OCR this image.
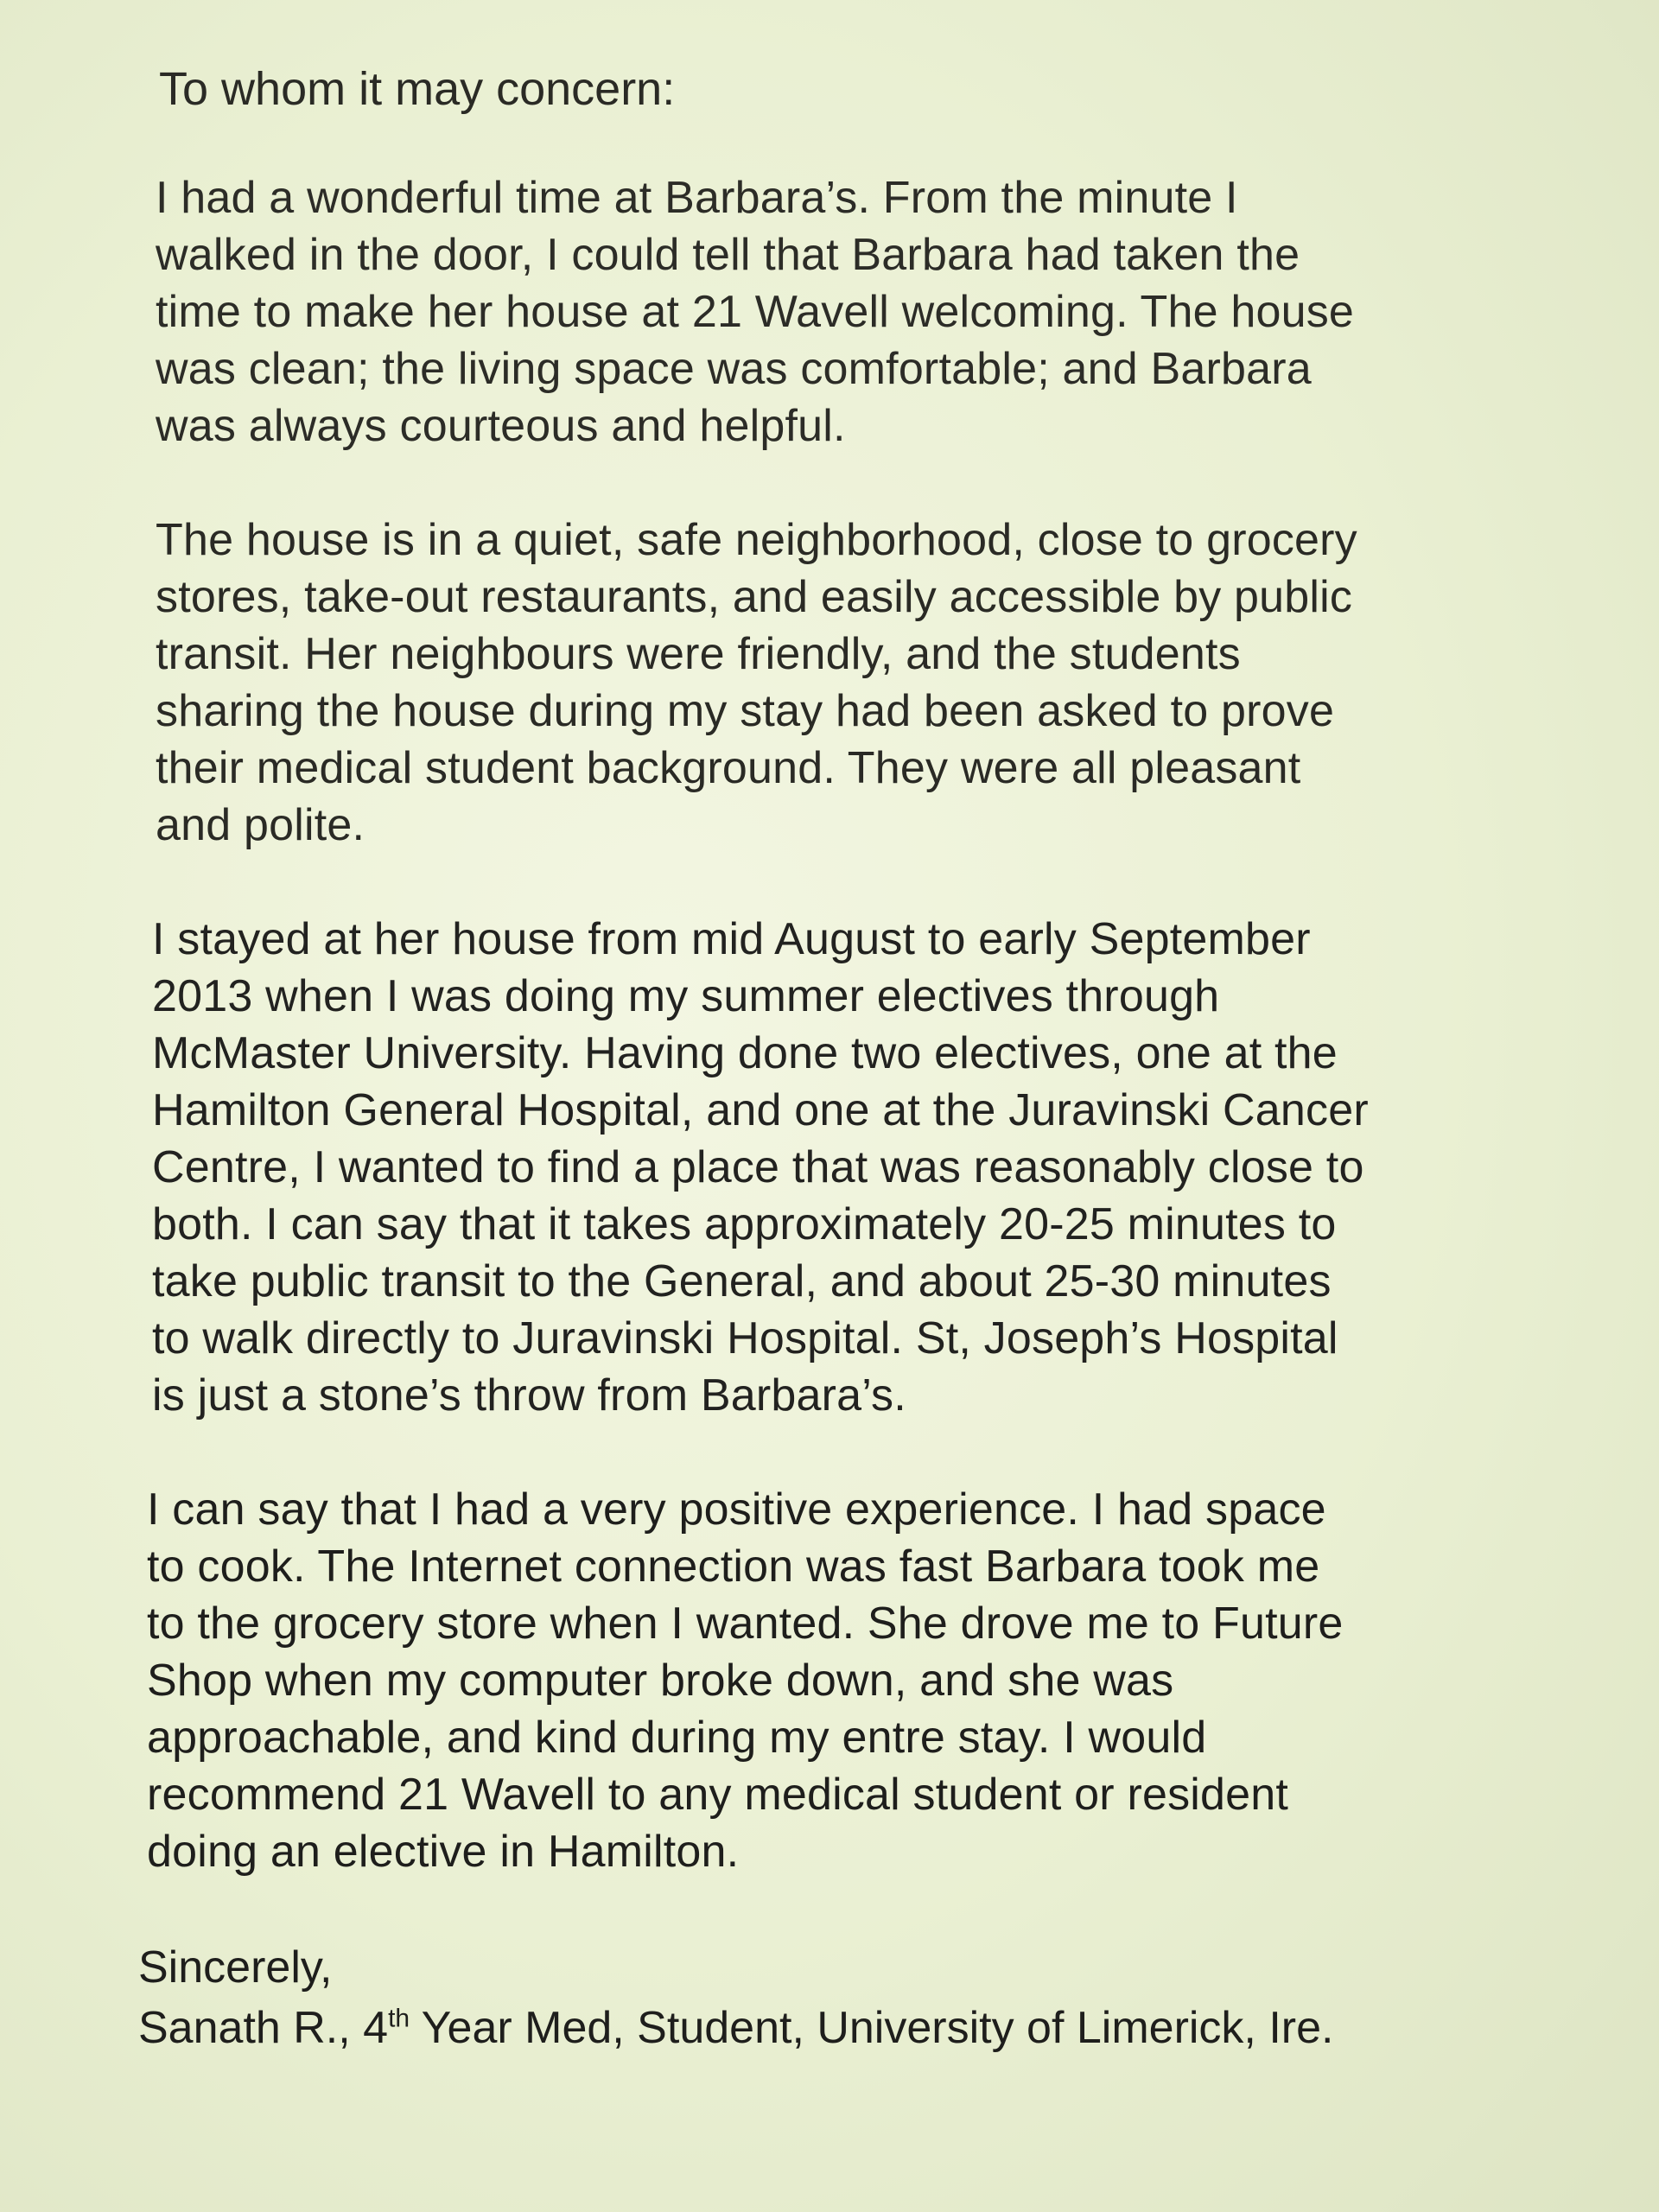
To whom it may concern:
I had a wonderful time at Barbara’s. From the minute I
walked in the door, I could tell that Barbara had taken the
time to make her house at 21 Wavell welcoming. The house
was clean; the living space was comfortable; and Barbara
was always courteous and helpful.
The house is in a quiet, safe neighborhood, close to grocery
stores, take-out restaurants, and easily accessible by public
transit. Her neighbours were friendly, and the students
sharing the house during my stay had been asked to prove
their medical student background. They were all pleasant
and polite.
I stayed at her house from mid August to early September
2013 when I was doing my summer electives through
McMaster University. Having done two electives, one at the
Hamilton General Hospital, and one at the Juravinski Cancer
Centre, I wanted to find a place that was reasonably close to
both. I can say that it takes approximately 20-25 minutes to
take public transit to the General, and about 25-30 minutes
to walk directly to Juravinski Hospital. St, Joseph’s Hospital
is just a stone’s throw from Barbara’s.
I can say that I had a very positive experience. I had space
to cook. The Internet connection was fast Barbara took me
to the grocery store when I wanted. She drove me to Future
Shop when my computer broke down, and she was
approachable, and kind during my entre stay. I would
recommend 21 Wavell to any medical student or resident
doing an elective in Hamilton.
Sincerely,
Sanath R., 4th Year Med, Student, University of Limerick, Ire.
